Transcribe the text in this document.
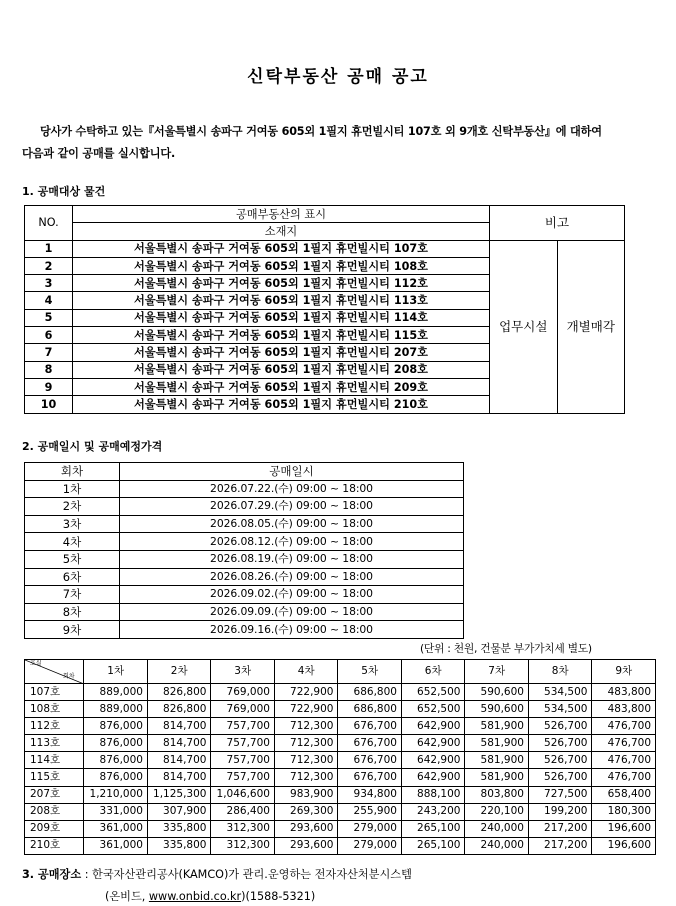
신탁부동산 공매 공고
당사가 수탁하고 있는『서울특별시 송파구 거여동 605외 1필지 휴먼빌시티 107호 외 9개호 신탁부동산』에 대하여 다음과 같이 공매를 실시합니다.
1. 공매대상 물건
NO.	공매부동산의 표시	비고	
	소재지		
1	서울특별시 송파구 거여동 605외 1필지 휴먼빌시티 107호	업무시설	개별매각
2	서울특별시 송파구 거여동 605외 1필지 휴먼빌시티 108호		
3	서울특별시 송파구 거여동 605외 1필지 휴먼빌시티 112호		
4	서울특별시 송파구 거여동 605외 1필지 휴먼빌시티 113호		
5	서울특별시 송파구 거여동 605외 1필지 휴먼빌시티 114호		
6	서울특별시 송파구 거여동 605외 1필지 휴먼빌시티 115호		
7	서울특별시 송파구 거여동 605외 1필지 휴먼빌시티 207호		
8	서울특별시 송파구 거여동 605외 1필지 휴먼빌시티 208호		
9	서울특별시 송파구 거여동 605외 1필지 휴먼빌시티 209호		
10	서울특별시 송파구 거여동 605외 1필지 휴먼빌시티 210호		
2. 공매일시 및 공매예정가격
회차	공매일시
1차	2026.07.22.(수) 09:00 ~ 18:00
2차	2026.07.29.(수) 09:00 ~ 18:00
3차	2026.08.05.(수) 09:00 ~ 18:00
4차	2026.08.12.(수) 09:00 ~ 18:00
5차	2026.08.19.(수) 09:00 ~ 18:00
6차	2026.08.26.(수) 09:00 ~ 18:00
7차	2026.09.02.(수) 09:00 ~ 18:00
8차	2026.09.09.(수) 09:00 ~ 18:00
9차	2026.09.16.(수) 09:00 ~ 18:00
(단위 : 천원, 건물분 부가가치세 별도)
호실
회차	1차	2차	3차	4차	5차	6차	7차	8차	9차
107호	889,000	826,800	769,000	722,900	686,800	652,500	590,600	534,500	483,800
108호	889,000	826,800	769,000	722,900	686,800	652,500	590,600	534,500	483,800
112호	876,000	814,700	757,700	712,300	676,700	642,900	581,900	526,700	476,700
113호	876,000	814,700	757,700	712,300	676,700	642,900	581,900	526,700	476,700
114호	876,000	814,700	757,700	712,300	676,700	642,900	581,900	526,700	476,700
115호	876,000	814,700	757,700	712,300	676,700	642,900	581,900	526,700	476,700
207호	1,210,000	1,125,300	1,046,600	983,900	934,800	888,100	803,800	727,500	658,400
208호	331,000	307,900	286,400	269,300	255,900	243,200	220,100	199,200	180,300
209호	361,000	335,800	312,300	293,600	279,000	265,100	240,000	217,200	196,600
210호	361,000	335,800	312,300	293,600	279,000	265,100	240,000	217,200	196,600
3. 공매장소 : 한국자산관리공사(KAMCO)가 관리.운영하는 전자자산처분시스템
(온비드, www.onbid.co.kr)(1588-5321)
